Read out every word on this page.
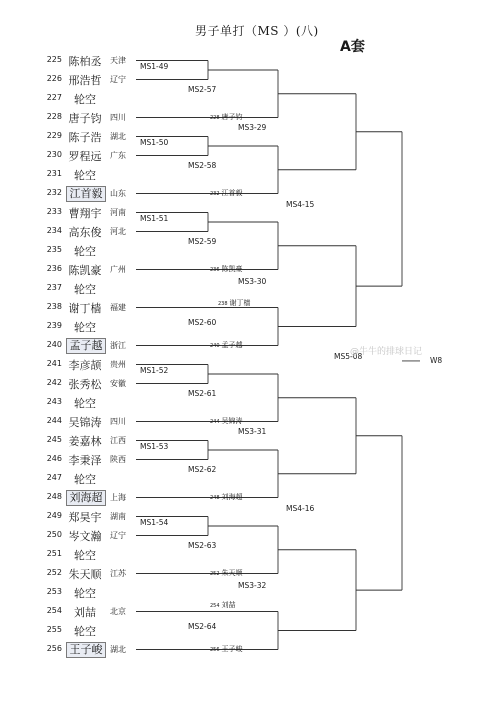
男子单打（MS ）(八)
A套
225 陈柏丞	天津
226 邢浩哲	辽宁
227	轮空
228 唐子钧	四川
229 陈子浩	湖北
230 罗程远	广东
231	轮空
232 江首毅 山东
233 曹翔宇	河南
234 高东俊	河北
235	轮空
236 陈凯豪	广州
237	轮空
238 谢丁樯	福建
239	轮空
240 孟子越 浙江
241 李彦颉	贵州
242 张秀松	安徽
243	轮空
244 吴锦涛	四川
245 姜嘉林	江西
246 李秉泽	陕西
247	轮空
248 刘海超 上海
249 郑昊宇	湖南
250 岑文瀚	辽宁
251	轮空
252 朱天顺	江苏
253	轮空
254	刘喆	北京
255	轮空
256 王子峻 湖北
MS1-49
MS1-50
MS1-51
MS1-52
MS1-53
MS1-54
MS2-57
MS2-58
MS2-59
MS2-60
MS2-61
MS2-62
MS2-63
MS2-64
MS3-29
MS3-30
MS3-31
MS3-32
MS4-15
MS4-16
MS5-08	W8
228 唐子钧
232 江首毅
236 陈凯豪
238 谢丁樯
240 孟子越
244 吴锦涛
248 刘海超
252 朱天顺
254 刘喆
256 王子峻
@牛牛的排球日记
